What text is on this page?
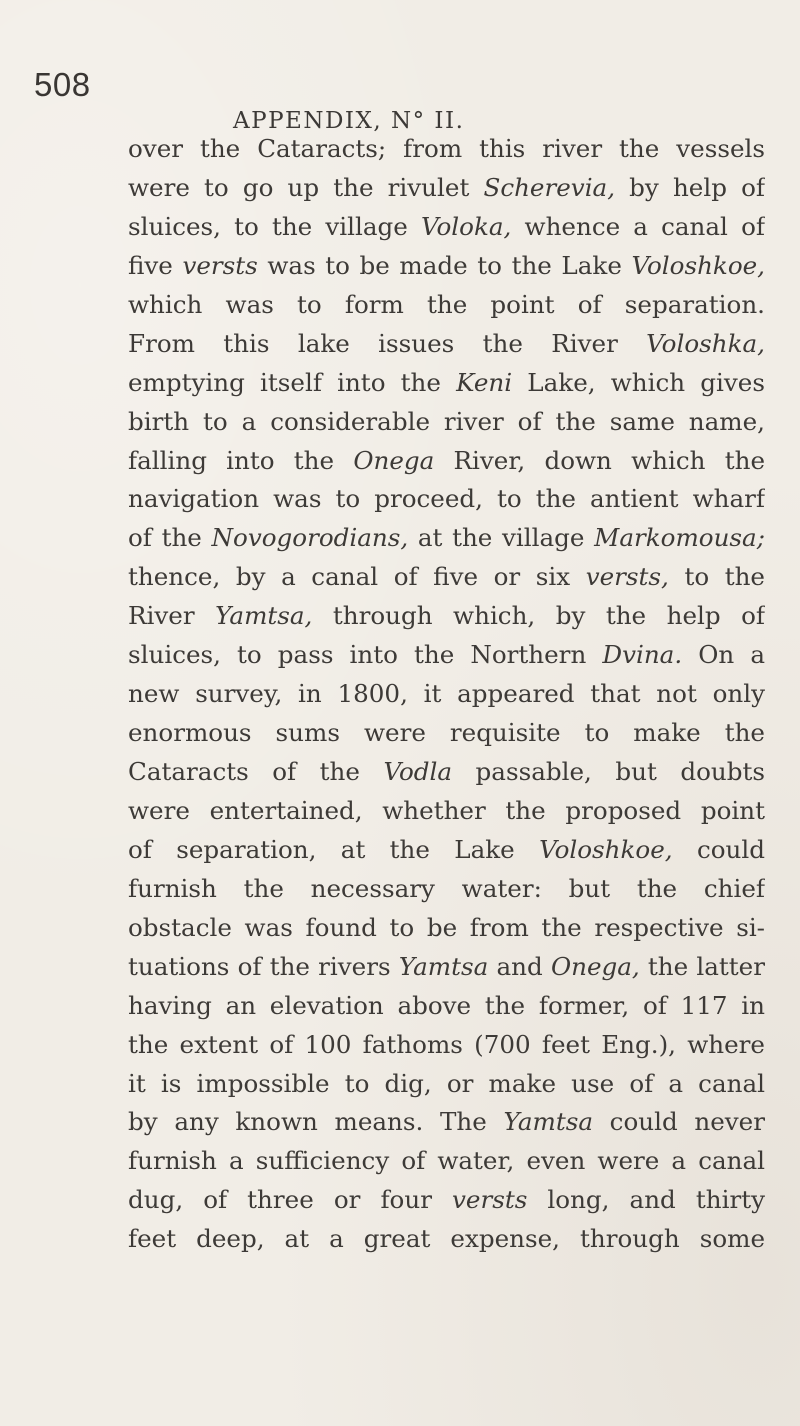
508
APPENDIX, N° II.
over the Cataracts; from this river the vessels
were to go up the rivulet Scherevia, by help of
sluices, to the village Voloka, whence a canal of
five versts was to be made to the Lake Voloshkoe,
which was to form the point of separation.
From this lake issues the River Voloshka,
emptying itself into the Keni Lake, which gives
birth to a considerable river of the same name,
falling into the Onega River, down which the
navigation was to proceed, to the antient wharf
of the Novogorodians, at the village Markomousa;
thence, by a canal of five or six versts, to the
River Yamtsa, through which, by the help of
sluices, to pass into the Northern Dvina. On a
new survey, in 1800, it appeared that not only
enormous sums were requisite to make the
Cataracts of the Vodla passable, but doubts
were entertained, whether the proposed point
of separation, at the Lake Voloshkoe, could
furnish the necessary water: but the chief
obstacle was found to be from the respective si-
tuations of the rivers Yamtsa and Onega, the latter
having an elevation above the former, of 117 in
the extent of 100 fathoms (700 feet Eng.), where
it is impossible to dig, or make use of a canal
by any known means. The Yamtsa could never
furnish a sufficiency of water, even were a canal
dug, of three or four versts long, and thirty
feet deep, at a great expense, through some
